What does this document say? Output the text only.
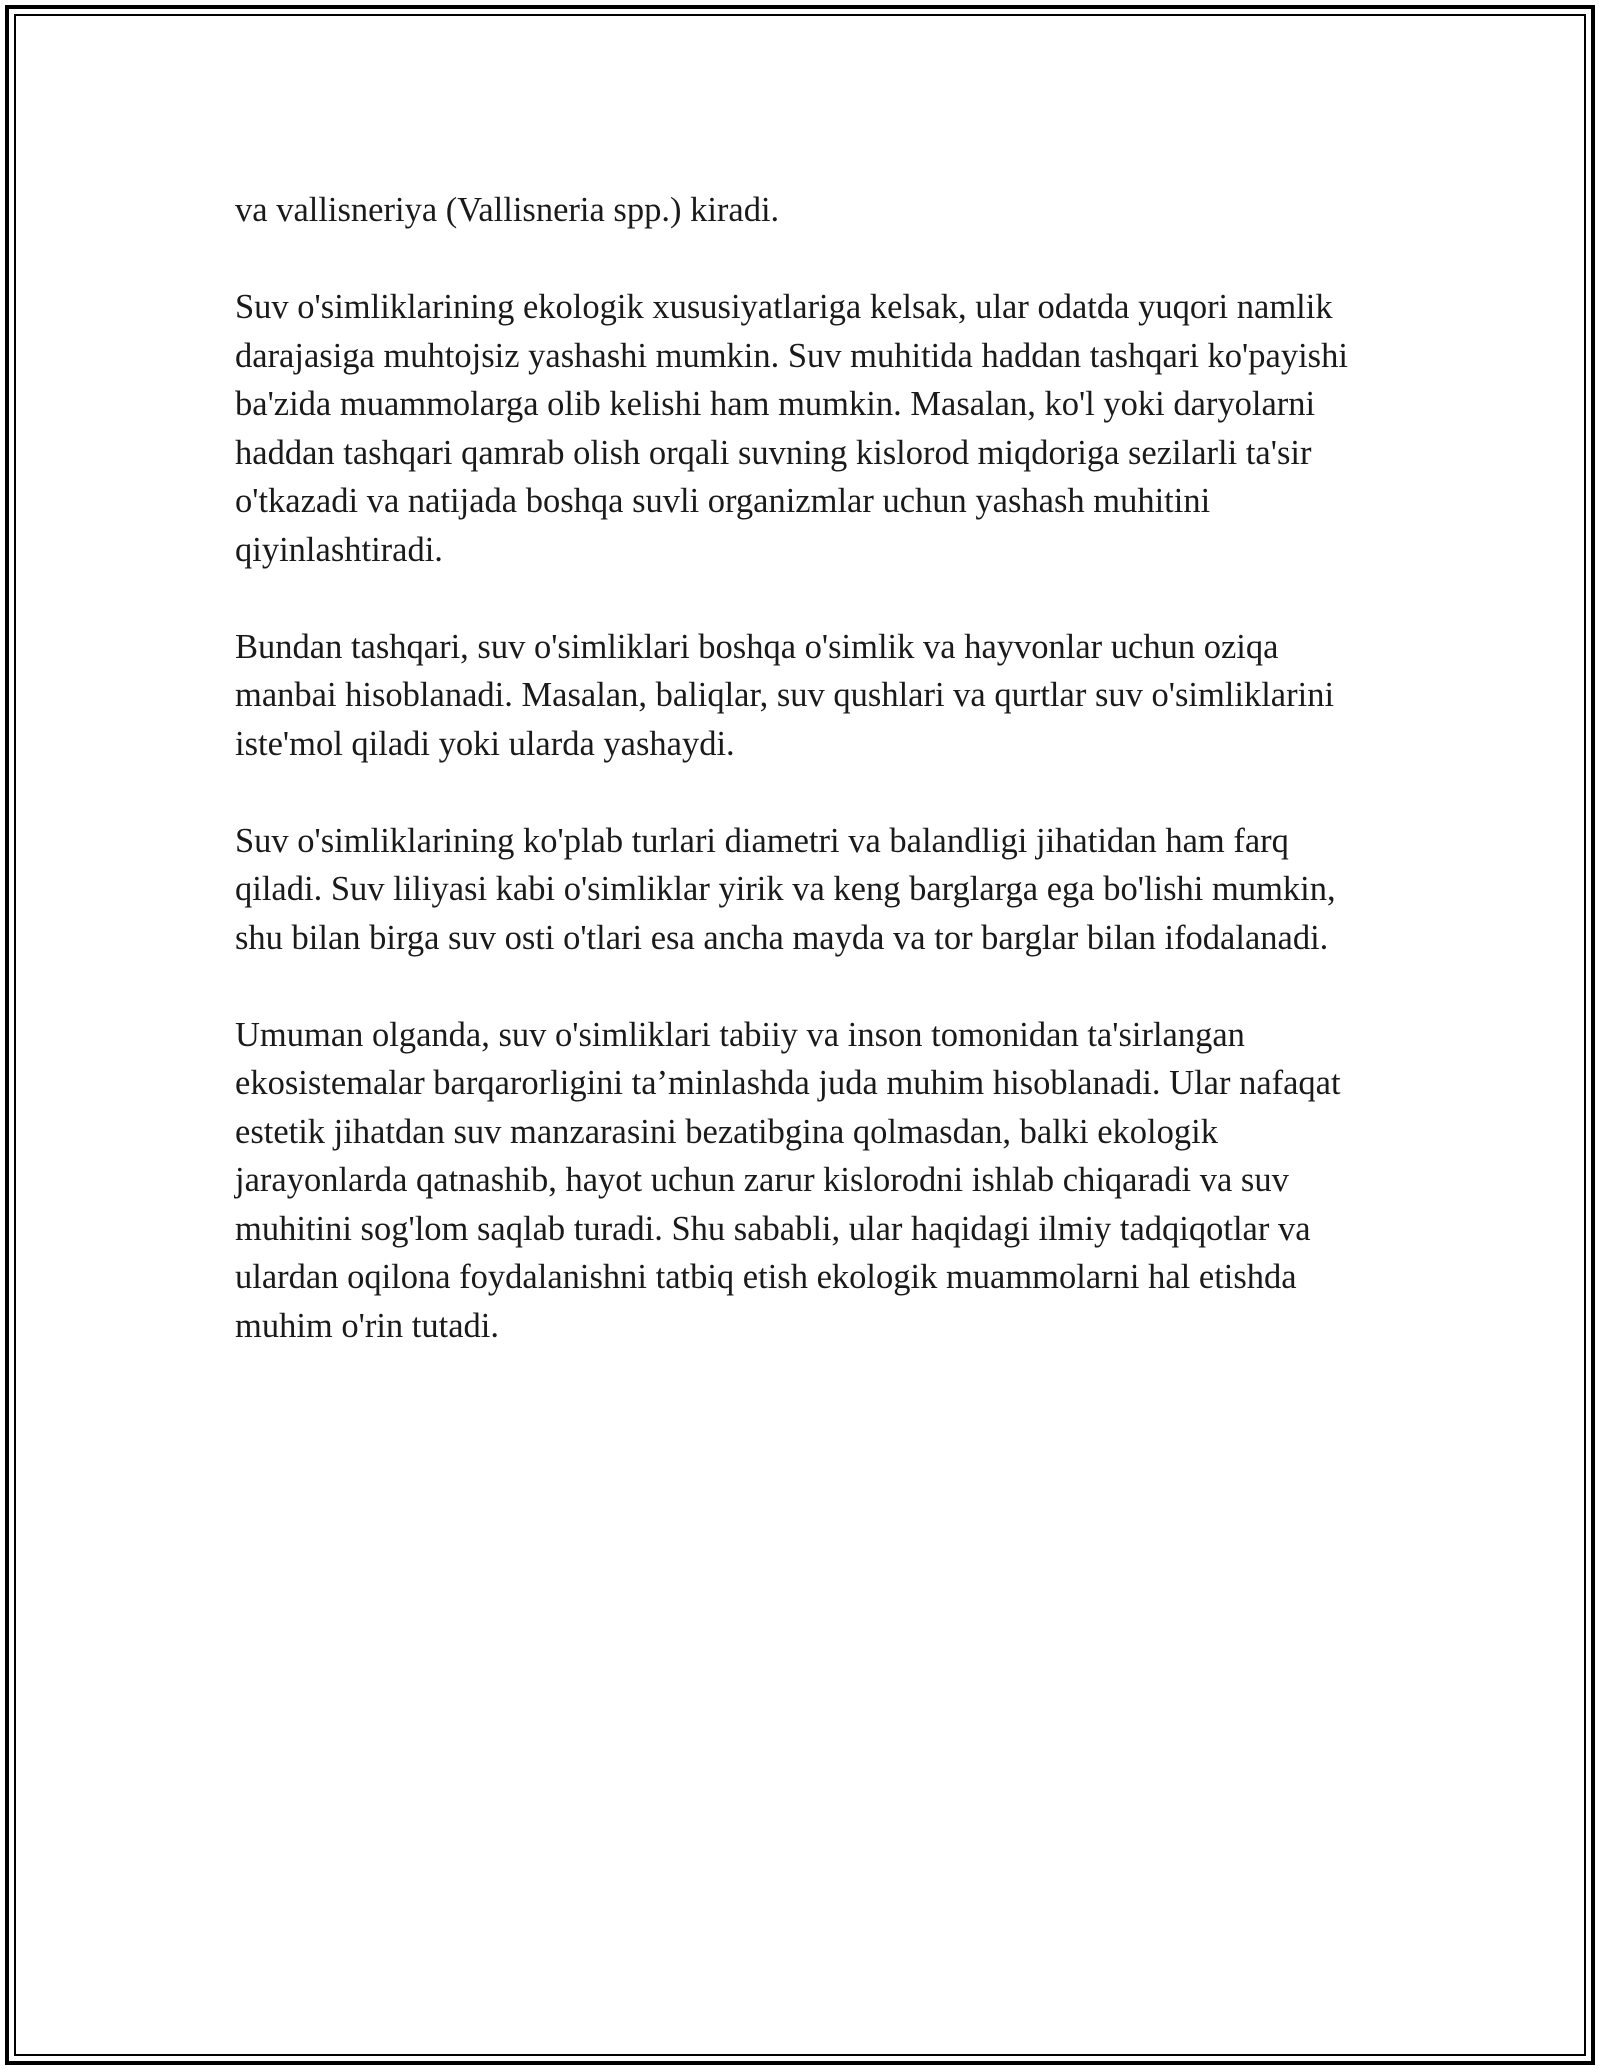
va vallisneriya (Vallisneria spp.) kiradi.

Suv o'simliklarining ekologik xususiyatlariga kelsak, ular odatda yuqori namlik darajasiga muhtojsiz yashashi mumkin. Suv muhitida haddan tashqari ko'payishi ba'zida muammolarga olib kelishi ham mumkin. Masalan, ko'l yoki daryolarni haddan tashqari qamrab olish orqali suvning kislorod miqdoriga sezilarli ta'sir o'tkazadi va natijada boshqa suvli organizmlar uchun yashash muhitini qiyinlashtiradi.

Bundan tashqari, suv o'simliklari boshqa o'simlik va hayvonlar uchun oziqa manbai hisoblanadi. Masalan, baliqlar, suv qushlari va qurtlar suv o'simliklarini iste'mol qiladi yoki ularda yashaydi.

Suv o'simliklarining ko'plab turlari diametri va balandligi jihatidan ham farq qiladi. Suv liliyasi kabi o'simliklar yirik va keng barglarga ega bo'lishi mumkin, shu bilan birga suv osti o'tlari esa ancha mayda va tor barglar bilan ifodalanadi.

Umuman olganda, suv o'simliklari tabiiy va inson tomonidan ta'sirlangan ekosistemalar barqarorligini ta’minlashda juda muhim hisoblanadi. Ular nafaqat estetik jihatdan suv manzarasini bezatibgina qolmasdan, balki ekologik jarayonlarda qatnashib, hayot uchun zarur kislorodni ishlab chiqaradi va suv muhitini sog'lom saqlab turadi. Shu sababli, ular haqidagi ilmiy tadqiqotlar va ulardan oqilona foydalanishni tatbiq etish ekologik muammolarni hal etishda muhim o'rin tutadi.
